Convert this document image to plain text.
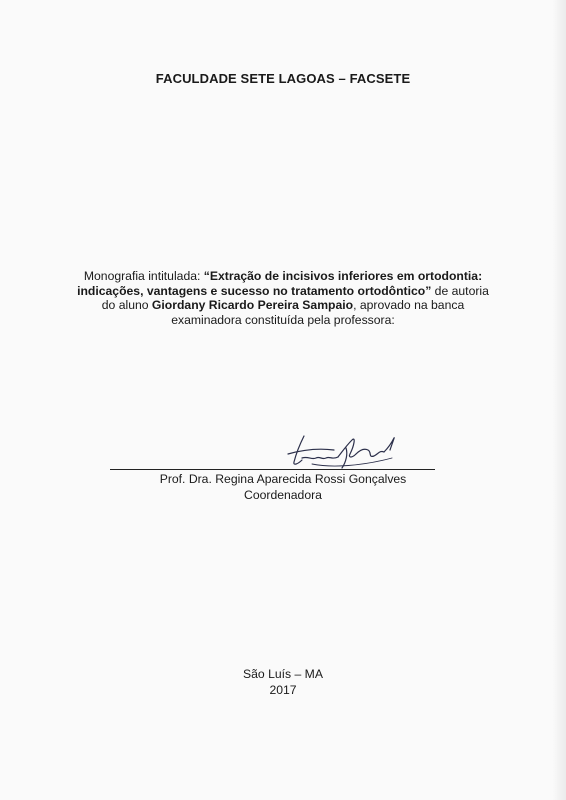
FACULDADE SETE LAGOAS – FACSETE
Monografia intitulada: “Extração de incisivos inferiores em ortodontia: indicações, vantagens e sucesso no tratamento ortodôntico” de autoria do aluno Giordany Ricardo Pereira Sampaio, aprovado na banca examinadora constituída pela professora:
Prof. Dra. Regina Aparecida Rossi Gonçalves
Coordenadora
São Luís – MA
2017
